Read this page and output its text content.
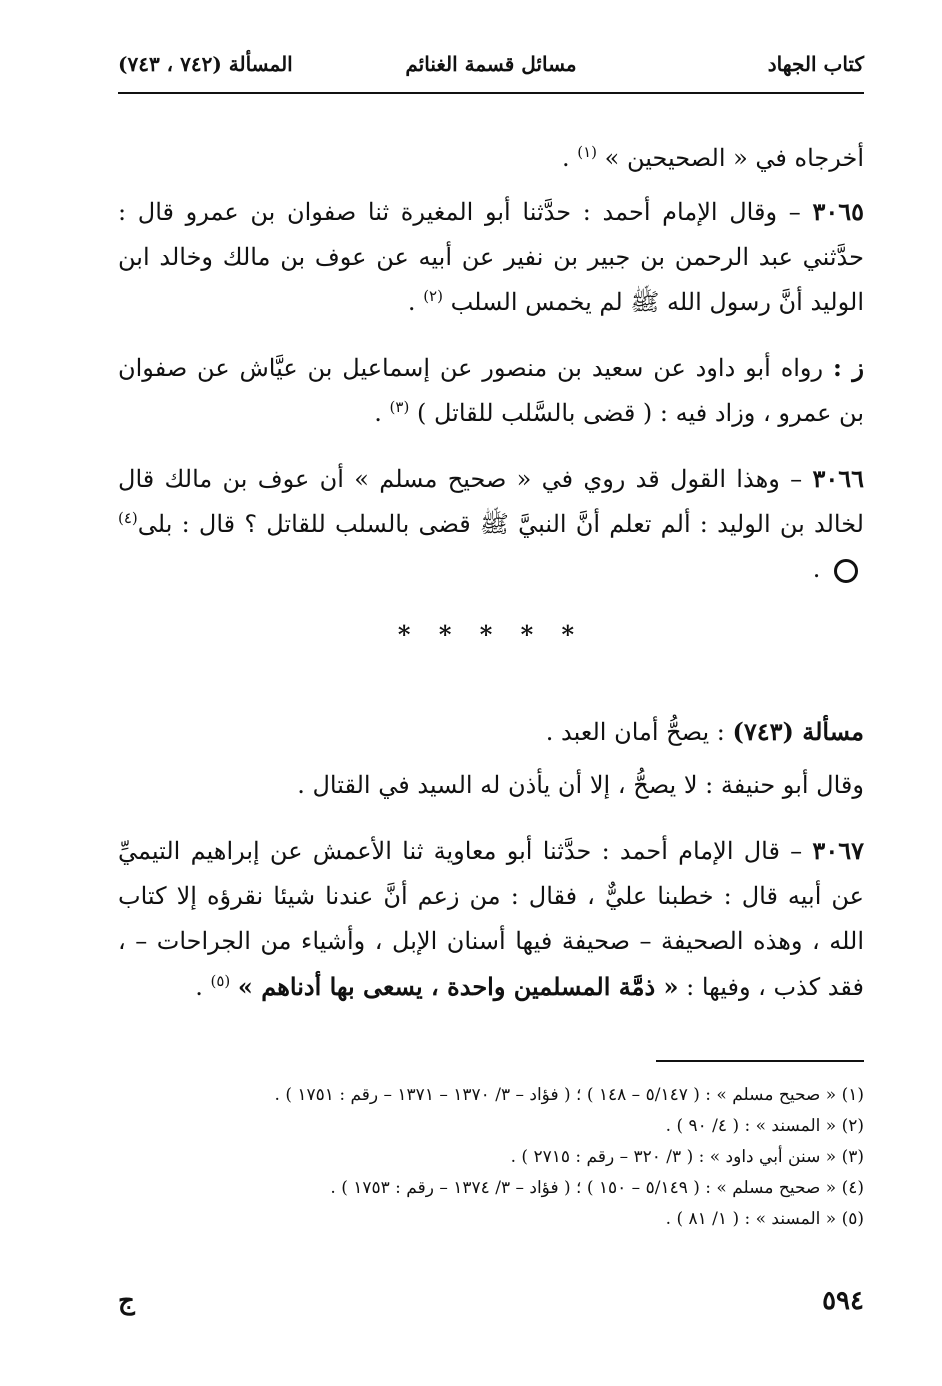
كتاب الجهاد
مسائل قسمة الغنائم
المسألة (٧٤٢ ، ٧٤٣)

أخرجاه في « الصحيحين » $^{(١)}$ .

٣٠٦٥ – وقال الإمام أحمد : حدَّثنا أبو المغيرة ثنا صفوان بن عمرو قال : حدَّثني عبد الرحمن بن جبير بن نفير عن أبيه عن عوف بن مالك وخالد ابن الوليد أنَّ رسول الله ﷺ لم يخمس السلب $^{(٢)}$ .

ز : رواه أبو داود عن سعيد بن منصور عن إسماعيل بن عيَّاش عن صفوان بن عمرو ، وزاد فيه : ( قضى بالسَّلب للقاتل ) $^{(٣)}$ .

٣٠٦٦ – وهذا القول قد روي في « صحيح مسلم » أن عوف بن مالك قال لخالد بن الوليد : ألم تعلم أنَّ النبيَّ ﷺ قضى بالسلب للقاتل ؟ قال : بلى$^{(٤)}$  .

* * * * *

مسألة (٧٤٣) : يصحُّ أمان العبد .

وقال أبو حنيفة : لا يصحُّ ، إلا أن يأذن له السيد في القتال .

٣٠٦٧ – قال الإمام أحمد : حدَّثنا أبو معاوية ثنا الأعمش عن إبراهيم التيميِّ عن أبيه قال : خطبنا عليٌّ ، فقال : من زعم أنَّ عندنا شيئا نقرؤه إلا كتاب الله ، وهذه الصحيفة – صحيفة فيها أسنان الإبل ، وأشياء من الجراحات – ، فقد كذب ، وفيها : « ذمَّة المسلمين واحدة ، يسعى بها أدناهم » $^{(٥)}$ .

(١) « صحيح مسلم » : ( ٥/١٤٧ – ١٤٨ ) ؛ ( فؤاد – ٣/ ١٣٧٠ – ١٣٧١ – رقم : ١٧٥١ ) .
(٢) « المسند » : ( ٤/ ٩٠ ) .
(٣) « سنن أبي داود » : ( ٣/ ٣٢٠ – رقم : ٢٧١٥ ) .
(٤) « صحيح مسلم » : ( ٥/١٤٩ – ١٥٠ ) ؛ ( فؤاد – ٣/ ١٣٧٤ – رقم : ١٧٥٣ ) .
(٥) « المسند » : ( ١/ ٨١ ) .
٥٩٤
ج
